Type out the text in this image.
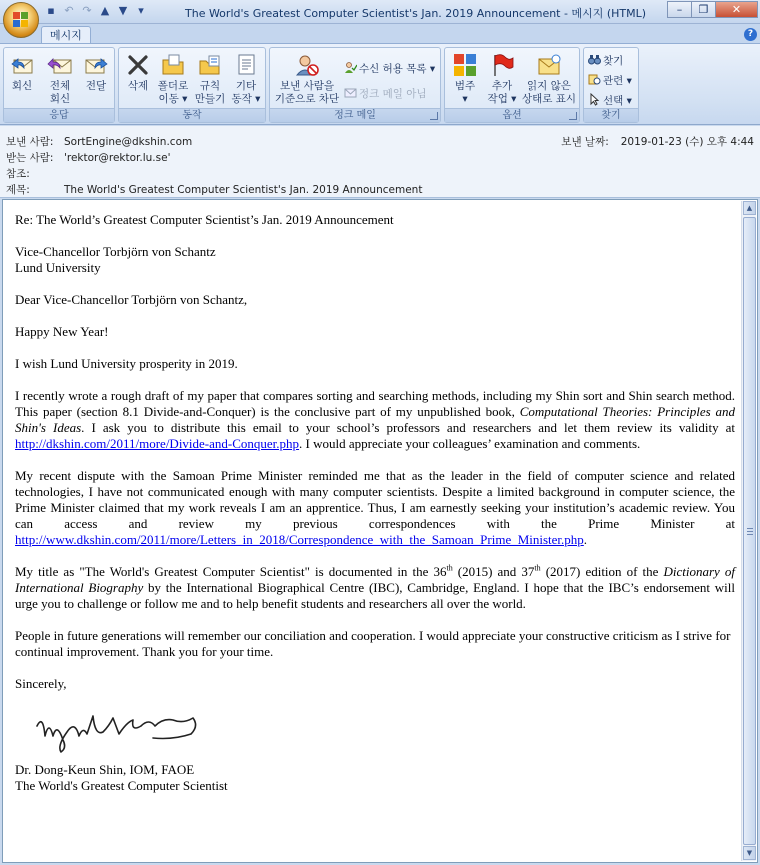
▪ ↶ ↷ ▲ ▼	▾	The World's Greatest Computer Scientist's Jan. 2019 Announcement - 메시지 (HTML)	–	❐	✕
메시지	?
회신	전체
회신
전달
응답
삭제 폴더로
이동 ▾
규칙
만들기
기타
동작 ▾
동작
보낸 사람을
기준으로 차단
수신 허용 목록 ▾
정크 메일 아님
정크 메일
범주
▾
추가
작업 ▾
읽지 않은
상태로 표시
옵션
찾기
관련 ▾
선택 ▾
찾기
보낸 사람: SortEngine@dkshin.com	보낸 날짜: 2019-01-23 (수) 오후 4:44
받는 사람: 'rektor@rektor.lu.se'
참조:
제목:	The World's Greatest Computer Scientist's Jan. 2019 Announcement

Re: The World’s Greatest Computer Scientist’s Jan. 2019 Announcement

Vice-Chancellor Torbjörn von Schantz
Lund University

Dear Vice-Chancellor Torbjörn von Schantz,

Happy New Year!

I wish Lund University prosperity in 2019.

I recently wrote a rough draft of my paper that compares sorting and searching methods, including my Shin sort and Shin search method. This paper (section 8.1 Divide-and-Conquer) is the conclusive part of my unpublished book, Computational Theories: Principles and Shin's Ideas. I ask you to distribute this email to your school’s professors and researchers and let them review its validity at http://dkshin.com/2011/more/Divide-and-Conquer.php. I would appreciate your colleagues’ examination and comments.

My recent dispute with the Samoan Prime Minister reminded me that as the leader in the field of computer science and related technologies, I have not communicated enough with many computer scientists. Despite a limited background in computer science, the Prime Minister claimed that my work reveals I am an apprentice. Thus, I am earnestly seeking your institution’s academic review. You can access and review my previous correspondences with the Prime Minister at http://www.dkshin.com/2011/more/Letters_in_2018/Correspondence_with_the_Samoan_Prime_Minister.php.

My title as "The World's Greatest Computer Scientist" is documented in the 36th (2015) and 37th (2017) edition of the Dictionary of International Biography by the International Biographical Centre (IBC), Cambridge, England. I hope that the IBC’s endorsement will urge you to challenge or follow me and to help benefit students and researchers all over the world.

People in future generations will remember our conciliation and cooperation. I would appreciate your constructive criticism as I strive for continual improvement. Thank you for your time.

Sincerely,

Dr. Dong-Keun Shin, IOM, FAOE
The World's Greatest Computer Scientist

▲
▼
